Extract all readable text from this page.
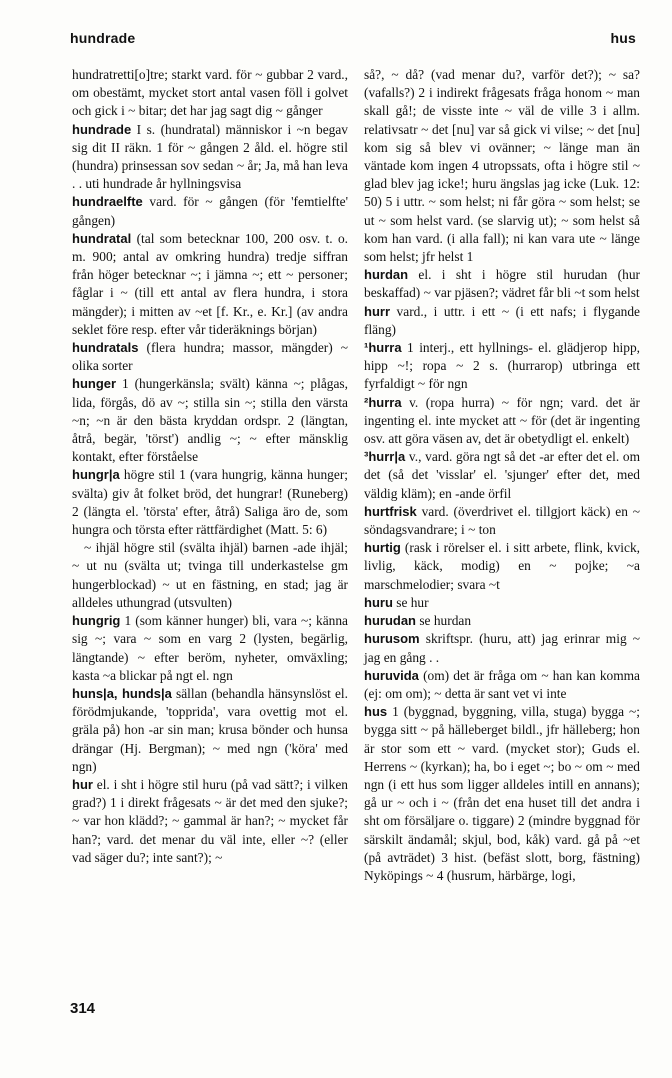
hundrade	hus

hundratretti[o]tre; starkt vard. för ~ gubbar 2 vard., om obestämt, mycket stort antal vasen föll i golvet och gick i ~ bitar; det har jag sagt dig ~ gånger

hundrade I s. (hundratal) människor i ~n begav sig dit II räkn. 1 för ~ gången 2 åld. el. högre stil (hundra) prinsessan sov sedan ~ år; Ja, må han leva . . uti hundrade år hyllningsvisa

hundraelfte vard. för ~ gången (för 'femtielfte' gången)

hundratal (tal som betecknar 100, 200 osv. t. o. m. 900; antal av omkring hundra) tredje siffran från höger betecknar ~; i jämna ~; ett ~ personer; fåglar i ~ (till ett antal av flera hundra, i stora mängder); i mitten av ~et [f. Kr., e. Kr.] (av andra seklet före resp. efter vår tideräknings början)

hundratals (flera hundra; massor, mängder) ~ olika sorter

hunger 1 (hungerkänsla; svält) känna ~; plågas, lida, förgås, dö av ~; stilla sin ~; stilla den värsta ~n; ~n är den bästa kryddan ordspr. 2 (längtan, åtrå, begär, 'törst') andlig ~; ~ efter mänsklig kontakt, efter förståelse

hungr|a högre stil 1 (vara hungrig, känna hunger; svälta) giv åt folket bröd, det hungrar! (Runeberg) 2 (längta el. 'törsta' efter, åtrå) Saliga äro de, som hungra och törsta efter rättfärdighet (Matt. 5: 6)

~ ihjäl högre stil (svälta ihjäl) barnen -ade ihjäl; ~ ut nu (svälta ut; tvinga till underkastelse gm hungerblockad) ~ ut en fästning, en stad; jag är alldeles uthungrad (utsvulten)

hungrig 1 (som känner hunger) bli, vara ~; känna sig ~; vara ~ som en varg 2 (lysten, begärlig, längtande) ~ efter beröm, nyheter, omväxling; kasta ~a blickar på ngt el. ngn

huns|a, hunds|a sällan (behandla hänsynslöst el. förödmjukande, 'topprida', vara ovettig mot el. gräla på) hon -ar sin man; krusa bönder och hunsa drängar (Hj. Bergman); ~ med ngn ('köra' med ngn)

hur el. i sht i högre stil huru (på vad sätt?; i vilken grad?) 1 i direkt frågesats ~ är det med den sjuke?; ~ var hon klädd?; ~ gammal är han?; ~ mycket får han?; vard. det menar du väl inte, eller ~? (eller vad säger du?; inte sant?); ~

så?, ~ då? (vad menar du?, varför det?); ~ sa? (vafalls?) 2 i indirekt frågesats fråga honom ~ man skall gå!; de visste inte ~ väl de ville 3 i allm. relativsatr ~ det [nu] var så gick vi vilse; ~ det [nu] kom sig så blev vi ovänner; ~ länge man än väntade kom ingen 4 utropssats, ofta i högre stil ~ glad blev jag icke!; huru ängslas jag icke (Luk. 12: 50) 5 i uttr. ~ som helst; ni får göra ~ som helst; se ut ~ som helst vard. (se slarvig ut); ~ som helst så kom han vard. (i alla fall); ni kan vara ute ~ länge som helst; jfr helst 1

hurdan el. i sht i högre stil hurudan (hur beskaffad) ~ var pjäsen?; vädret får bli ~t som helst

hurr vard., i uttr. i ett ~ (i ett nafs; i flygande fläng)

¹hurra 1 interj., ett hyllnings- el. glädjerop hipp, hipp ~!; ropa ~ 2 s. (hurrarop) utbringa ett fyrfaldigt ~ för ngn

²hurra v. (ropa hurra) ~ för ngn; vard. det är ingenting el. inte mycket att ~ för (det är ingenting osv. att göra väsen av, det är obetydligt el. enkelt)

³hurr|a v., vard. göra ngt så det -ar efter det el. om det (så det 'visslar' el. 'sjunger' efter det, med väldig kläm); en -ande örfil

hurtfrisk vard. (överdrivet el. tillgjort käck) en ~ söndagsvandrare; i ~ ton

hurtig (rask i rörelser el. i sitt arbete, flink, kvick, livlig, käck, modig) en ~ pojke; ~a marschmelodier; svara ~t

huru se hur

hurudan se hurdan

hurusom skriftspr. (huru, att) jag erinrar mig ~ jag en gång . .

huruvida (om) det är fråga om ~ han kan komma (ej: om om); ~ detta är sant vet vi inte

hus 1 (byggnad, byggning, villa, stuga) bygga ~; bygga sitt ~ på hälleberget bildl., jfr hälleberg; hon är stor som ett ~ vard. (mycket stor); Guds el. Herrens ~ (kyrkan); ha, bo i eget ~; bo ~ om ~ med ngn (i ett hus som ligger alldeles intill en annans); gå ur ~ och i ~ (från det ena huset till det andra i sht om försäljare o. tiggare) 2 (mindre byggnad för särskilt ändamål; skjul, bod, kåk) vard. gå på ~et (på avträdet) 3 hist. (befäst slott, borg, fästning) Nyköpings ~ 4 (husrum, härbärge, logi,

314
